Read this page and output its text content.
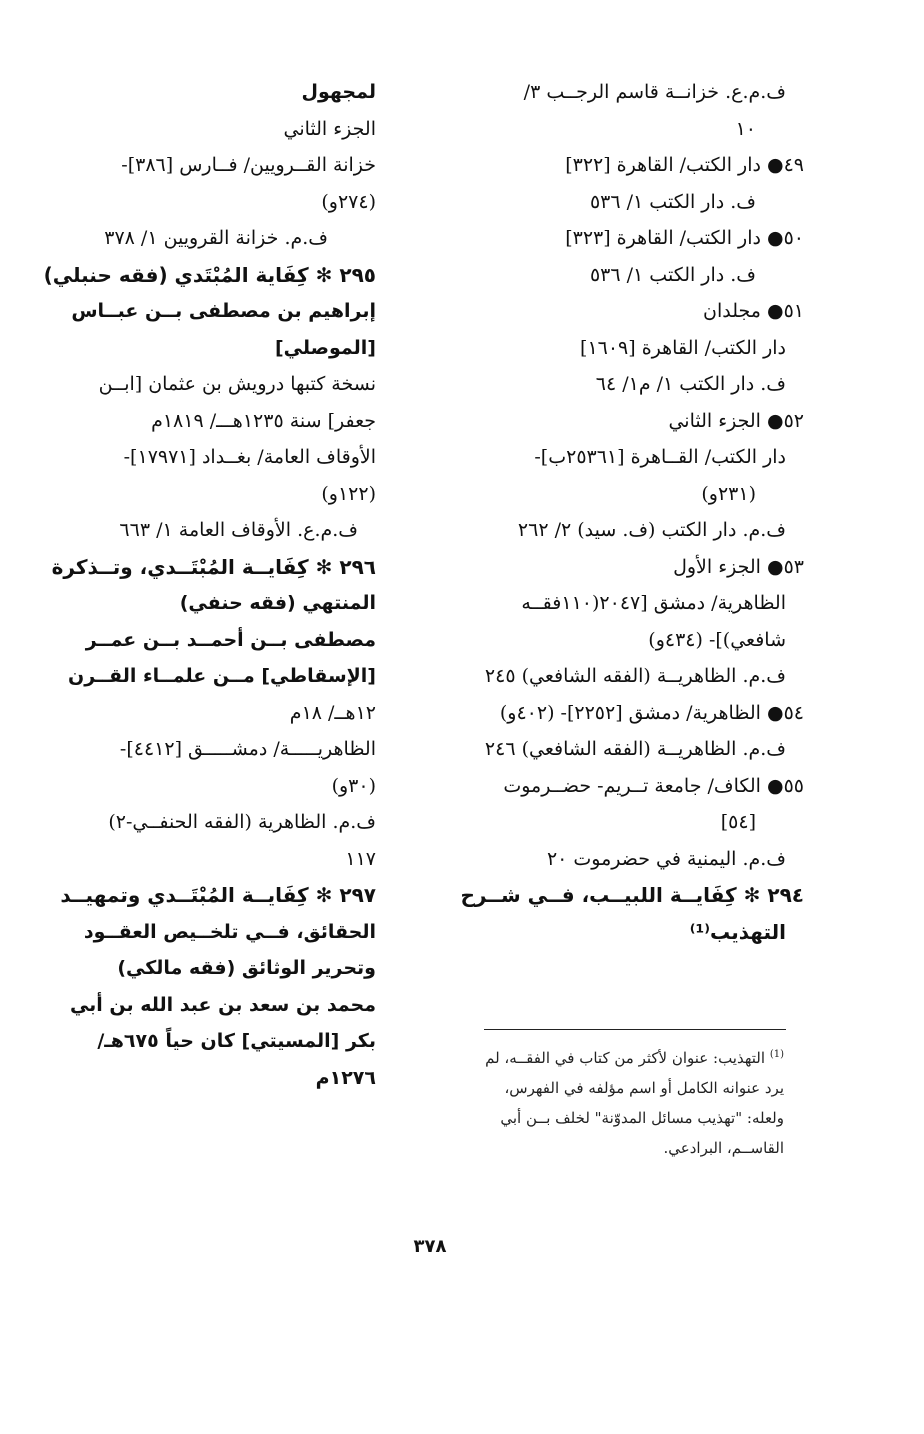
ف.م.ع. خزانــة قاسم الرجــب ٣/
١٠
٤٩● دار الكتب/ القاهرة [٣٢٢]
ف. دار الكتب ١/ ٥٣٦
٥٠● دار الكتب/ القاهرة [٣٢٣]
ف. دار الكتب ١/ ٥٣٦
٥١● مجلدان
دار الكتب/ القاهرة [١٦٠٩]
ف. دار الكتب ١/ م١/ ٦٤
٥٢● الجزء الثاني
دار الكتب/ القــاهرة [٢٥٣٦١ب]-
(٢٣١و)
ف.م. دار الكتب (ف. سيد) ٢/ ٢٦٢
٥٣● الجزء الأول
الظاهرية/ دمشق [٢٠٤٧(١١٠فقــه
شافعي)]- (٤٣٤و)
ف.م. الظاهريــة (الفقه الشافعي) ٢٤٥
٥٤● الظاهرية/ دمشق [٢٢٥٢]- (٤٠٢و)
ف.م. الظاهريــة (الفقه الشافعي) ٢٤٦
٥٥● الكاف/ جامعة تــريم- حضــرموت
[٥٤]
ف.م. اليمنية في حضرموت ٢٠
٢٩٤ ✻ كِفَايــة اللبيــب، فــي شــرح
التهذيب⁽¹⁾
لمجهول
الجزء الثاني
خزانة القــرويين/ فــارس [٣٨٦]-
(٢٧٤و)
ف.م. خزانة القرويين ١/ ٣٧٨
٢٩٥ ✻ كِفَاية المُبْتَدي (فقه حنبلي)
إبراهيم بن مصطفى بــن عبــاس
[الموصلي]
نسخة كتبها درويش بن عثمان [ابــن
جعفر] سنة ١٢٣٥هـــ/ ١٨١٩م
الأوقاف العامة/ بغــداد [١٧٩٧١]-
(١٢٢و)
ف.م.ع. الأوقاف العامة ١/ ٦٦٣
٢٩٦ ✻ كِفَايــة المُبْتَــدي، وتــذكرة
المنتهي (فقه حنفي)
مصطفى بــن أحمــد بــن عمــر
[الإسقاطي] مــن علمــاء القــرن
١٢هــ/ ١٨م
الظاهريـــــة/ دمشـــــق [٤٤١٢]-
(٣٠و)
ف.م. الظاهرية (الفقه الحنفــي-٢)
١١٧
٢٩٧ ✻ كِفَايــة المُبْتَــدي وتمهيــد
الحقائق، فــي تلخــيص العقــود
وتحرير الوثائق (فقه مالكي)
محمد بن سعد بن عبد الله بن أبي
بكر [المسيتي] كان حياً ٦٧٥هـ/
١٢٧٦م
$^{(1)}$ التهذيب: عنوان لأكثر من كتاب في الفقــه، لم يرد عنوانه الكامل أو اسم مؤلفه في الفهرس، ولعله: "تهذيب مسائل المدوّنة" لخلف بــن أبي القاســم، البرادعي.
٣٧٨
